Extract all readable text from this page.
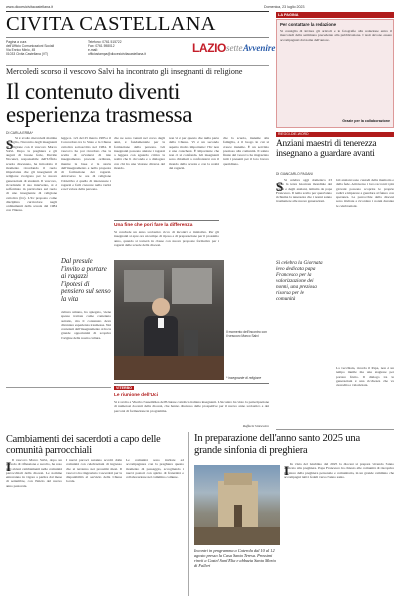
www.diocesicivitacastellana.it	Domenica, 23 luglio 2023
CIVITA CASTELLANA
Pagina a cura
dell'Ufficio Comunicazioni Sociali
Via Enrico Minio, 45
01033 Civita Castellana (VT)
Telefono: 0761 515722
Fax: 0761 598012
e-mail:
ufficiostampa@diocesicivitacastellana.it	LAZIO sette Avvenire
Mercoledì scorso il vescovo Salvi ha incontrato gli insegnanti di religione
Il contenuto diventi esperienza trasmessa
DI CARLA ERBA*
S Si è svolto mercoledì mattina 19 luglio, l'incontro degli insegnanti di religione con il vescovo Marco Salvi. Dopo la preghiera e gli auguri di buone ferie, Davide Nocenzi, responsabile dell'Ufficio scuola diocesano, ha introdotto il momento ricordando il ruolo importante che gli insegnanti di religione svolgono per le nuove generazioni di studenti. Il vescovo, ricordando il suo intervento, si è soffermato in particolare sul ruolo di uno insegnante di religione cattolica (Irc). L'Irc proposto come disciplina curricolare negli ordinamenti della scuola dal 1984 con l'Intesa.
legge n. 121 del 25 marzo 1985 e il Concordato tra lo Stato e la Chiesa cattolica sottoscritto nel 1984. Il vescovo ha poi ricordato che la scelta di avvalersi di tale insegnamento procede ordinata, mentre la base è la storia dell'insegnamento e nella proposta di formazione dei ragazzi. Attraverso le ore di religione l'obiettivo è quello di interessare i ragazzi e farli crescere nella verità e nel valore della persona.
Dal presule l'invito a portare ai ragazzi l'ipotesi di pensiero sul senso la vita
cultura umana, ha spiegato, viene spesso trattata come contenuto astratto, ma il contenuto deve diventare esperienza trasmessa. Nei contenuti dell'insegnamento si ha la grande opportunità di scoprire l'origine della nostra cultura.
Una fine che pori fare la differenza
Si conclude un anno scolastico ricco di incontri e iniziative. Per gli insegnanti si apre ora un tempo di riposo e di preparazione per il prossimo anno, quando si tornerà in classe con nuove proposte formative per i ragazzi delle scuole della diocesi.
che ne sono venuti nel corso degli anni, è fondamentale per la formazione della persona. Gli insegnanti possono aiutare i ragazzi a leggere con sguardo critico la realtà che li circonda e a dialogare con chi ha una visione diversa del mondo.
non vi è per questo che nulla parte della Chiesa. Vi è un secondo aspetto molto importante: l'Irc non è una catechesi. È importante che non ci si confonda. Gli insegnanti sono chiamati a confrontarsi con il mondo della scuola e con la realtà dei ragazzi.
che la scuola, insieme alla famiglia, è il luogo in cui si cresce insieme. È un servizio prezioso alla comunità. Il saluto finale del vescovo ha ringraziato tutti i presenti per il loro lavoro quotidiano.
Il momento dell'incontro con il vescovo Marco Salvi
* insegnante di religione
VITERBO
Le riunione dell'Uci
Si è svolta a Viterbo l'assemblea dell'Unione cattolica italiana insegnanti. L'incontro ha visto la partecipazione di numerosi docenti della diocesi, che hanno discusso delle prospettive per il nuovo anno scolastico e dei percorsi di formazione in programma.
Raffaele Siniscalco
Cambiamenti dei sacerdoti a capo delle comunità parrocchiali
I Il vescovo Marco Salvi, dopo un periodo di riflessione e ascolto, ha reso noti alcuni cambiamenti nelle comunità parrocchiali della diocesi. Le nomine entreranno in vigore a partire dal mese di settembre, con l'inizio del nuovo anno pastorale.
I nuovi parroci saranno accolti dalle comunità con celebrazioni di ingresso che si terranno nei prossimi mesi. Il vescovo ha ringraziato i sacerdoti per la disponibilità al servizio della Chiesa locale.
Le comunità sono invitate ad accompagnare con la preghiera questo momento di passaggio, accogliendo i nuovi pastori con spirito di fraternità e collaborazione nel cammino comune.
In preparazione dell'anno santo 2025 una grande sinfonia di preghiera
Incontri in programma a Caterola dal 10 al 12 agosto presso la Casa Santa Teresa. Prossimi rinvii a Castel Sant'Elia e abbazia Santa Maria di Falleri
I In vista del Giubileo del 2025 la diocesi si prepara vivendo l'anno dedicato alla preghiera. Papa Francesco ha chiesto alle comunità di riscoprire il valore della preghiera personale e comunitaria, in un grande cammino che accompagni tutti i fedeli verso l'anno santo.
LA PAGINA
Per contattare la redazione
Si consiglia di inviare gli articoli e le fotografie alla redazione entro il mercoledì della settimana precedente alla pubblicazione. I testi devono essere accompagnati dal nome dell'autore.
Grazie per la collaborazione
RIEGGI-DIE-WORD
Anziani maestri di tenerezza insegnano a guardare avanti
DI GIANCARLO PAGANI
S Si celebra oggi domenica 23 luglio la terza Giornata mondiale dei nonni e degli anziani, istituita da papa Francesco. Il tema scelto per quest'anno richiama la tenerezza che i nonni sanno trasmettere alle nuove generazioni.
Si celebra la Giornata levo dedicata papa Francesco per la valorizzazione dei nonni, una preziosa risorsa per le comunità
Gli anziani sono custodi della memoria e della fede. Attraverso i loro racconti i più giovani possono scoprire le proprie radici e imparare a guardare al futuro con speranza. Le parrocchie della diocesi sono invitate a ricordare i nonni durante le celebrazioni.
La vecchiaia, ricorda il Papa, non è un tempo inutile ma una stagione per portare frutto. Il dialogo tra le generazioni è una ricchezza che va custodita e valorizzata.
